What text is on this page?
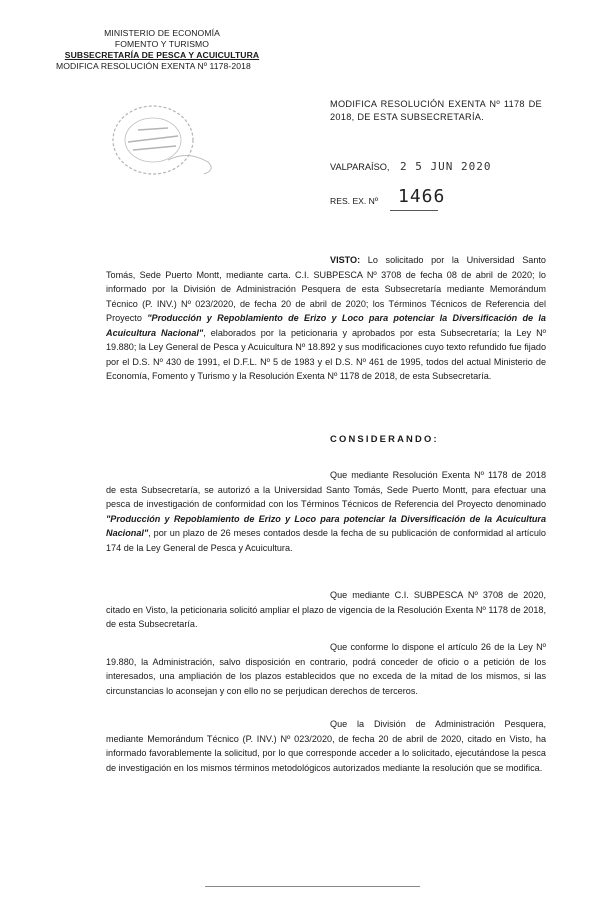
MINISTERIO DE ECONOMÍA
FOMENTO Y TURISMO
SUBSECRETARÍA DE PESCA Y ACUICULTURA
MODIFICA RESOLUCIÓN EXENTA Nº 1178-2018
MODIFICA RESOLUCIÓN EXENTA Nº 1178 DE 2018, DE ESTA SUBSECRETARÍA.
VALPARAÍSO, 2 5 JUN 2020
RES. EX. Nº 1466
VISTO: Lo solicitado por la Universidad Santo Tomás, Sede Puerto Montt, mediante carta. C.I. SUBPESCA Nº 3708 de fecha 08 de abril de 2020; lo informado por la División de Administración Pesquera de esta Subsecretaría mediante Memorándum Técnico (P. INV.) Nº 023/2020, de fecha 20 de abril de 2020; los Términos Técnicos de Referencia del Proyecto "Producción y Repoblamiento de Erizo y Loco para potenciar la Diversificación de la Acuicultura Nacional", elaborados por la peticionaria y aprobados por esta Subsecretaría; la Ley Nº 19.880; la Ley General de Pesca y Acuicultura Nº 18.892 y sus modificaciones cuyo texto refundido fue fijado por el D.S. Nº 430 de 1991, el D.F.L. Nº 5 de 1983 y el D.S. Nº 461 de 1995, todos del actual Ministerio de Economía, Fomento y Turismo y la Resolución Exenta Nº 1178 de 2018, de esta Subsecretaría.
CONSIDERANDO:
Que mediante Resolución Exenta Nº 1178 de 2018 de esta Subsecretaría, se autorizó a la Universidad Santo Tomás, Sede Puerto Montt, para efectuar una pesca de investigación de conformidad con los Términos Técnicos de Referencia del Proyecto denominado "Producción y Repoblamiento de Erizo y Loco para potenciar la Diversificación de la Acuicultura Nacional", por un plazo de 26 meses contados desde la fecha de su publicación de conformidad al artículo 174 de la Ley General de Pesca y Acuicultura.
Que mediante C.I. SUBPESCA Nº 3708 de 2020, citado en Visto, la peticionaria solicitó ampliar el plazo de vigencia de la Resolución Exenta Nº 1178 de 2018, de esta Subsecretaría.
Que conforme lo dispone el artículo 26 de la Ley Nº 19.880, la Administración, salvo disposición en contrario, podrá conceder de oficio o a petición de los interesados, una ampliación de los plazos establecidos que no exceda de la mitad de los mismos, si las circunstancias lo aconsejan y con ello no se perjudican derechos de terceros.
Que la División de Administración Pesquera, mediante Memorándum Técnico (P. INV.) Nº 023/2020, de fecha 20 de abril de 2020, citado en Visto, ha informado favorablemente la solicitud, por lo que corresponde acceder a lo solicitado, ejecutándose la pesca de investigación en los mismos términos metodológicos autorizados mediante la resolución que se modifica.
